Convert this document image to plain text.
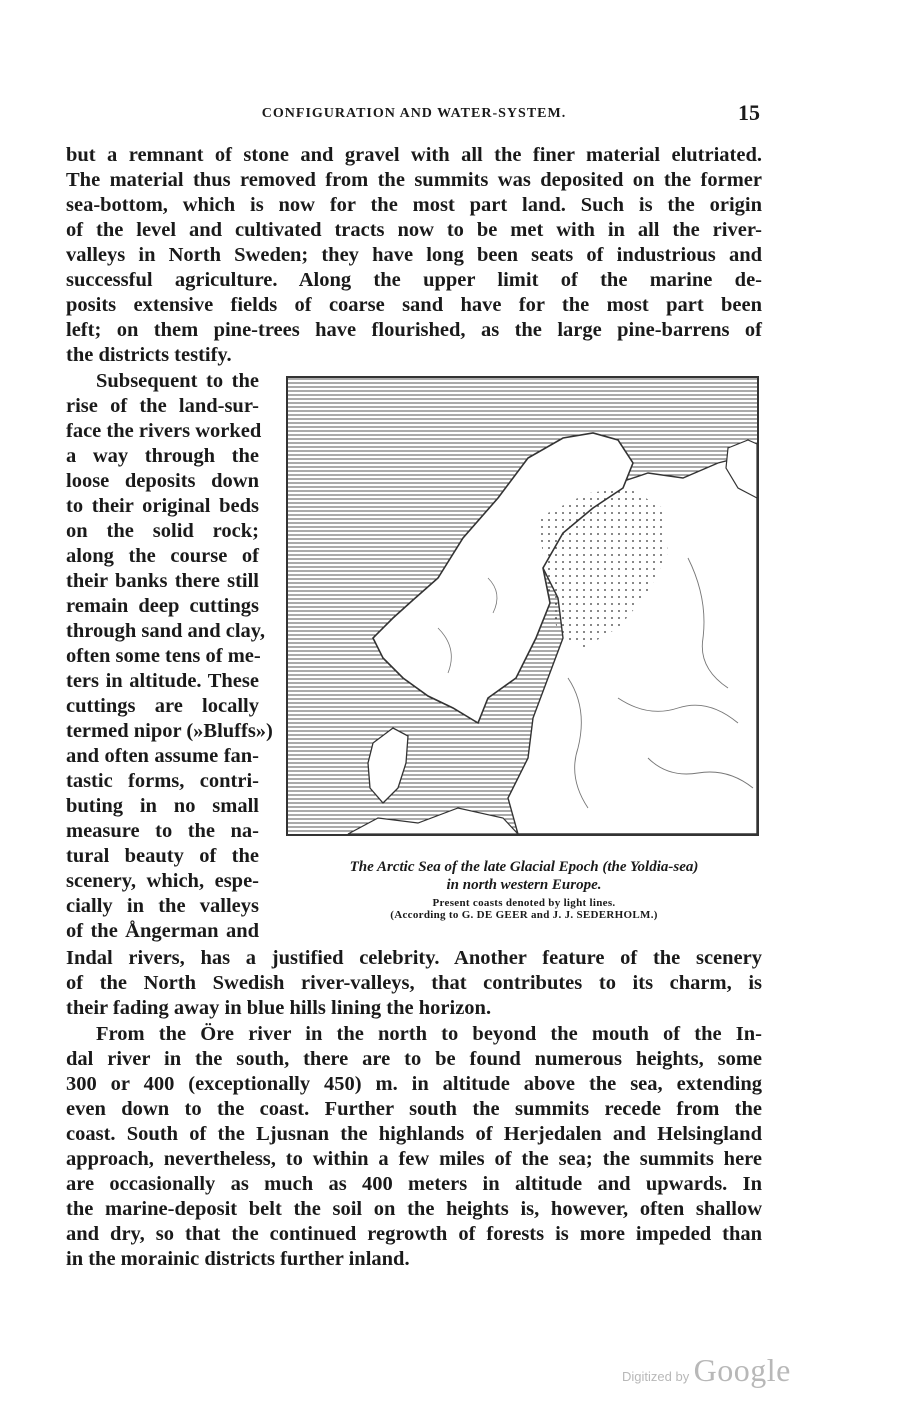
CONFIGURATION AND WATER-SYSTEM.	15
but a remnant of stone and gravel with all the finer material elutriated.
The material thus removed from the summits was deposited on the former
sea-bottom, which is now for the most part land. Such is the origin
of the level and cultivated tracts now to be met with in all the river-
valleys in North Sweden; they have long been seats of industrious and
successful agriculture. Along the upper limit of the marine de-
posits extensive fields of coarse sand have for the most part been
left; on them pine-trees have flourished, as the large pine-barrens of
the districts testify.
Subsequent to the
rise of the land-sur-
face the rivers worked
a way through the
loose deposits down
to their original beds
on the solid rock;
along the course of
their banks there still
remain deep cuttings
through sand and clay,
often some tens of me-
ters in altitude. These
cuttings are locally
termed nipor (»Bluffs»)
and often assume fan-
tastic forms, contri-
buting in no small
measure to the na-
tural beauty of the
scenery, which, espe-
cially in the valleys
of the Ångerman and
Indal rivers, has a justified celebrity. Another feature of the scenery
of the North Swedish river-valleys, that contributes to its charm, is
their fading away in blue hills lining the horizon.
From the Öre river in the north to beyond the mouth of the In-
dal river in the south, there are to be found numerous heights, some
300 or 400 (exceptionally 450) m. in altitude above the sea, extending
even down to the coast. Further south the summits recede from the
coast. South of the Ljusnan the highlands of Herjedalen and Helsingland
approach, nevertheless, to within a few miles of the sea; the summits here
are occasionally as much as 400 meters in altitude and upwards. In
the marine-deposit belt the soil on the heights is, however, often shallow
and dry, so that the continued regrowth of forests is more impeded than
in the morainic districts further inland.
The Arctic Sea of the late Glacial Epoch (the Yoldia-sea)
in north western Europe.
Present coasts denoted by light lines.
(According to G. DE GEER and J. J. SEDERHOLM.)
Digitized by Google
